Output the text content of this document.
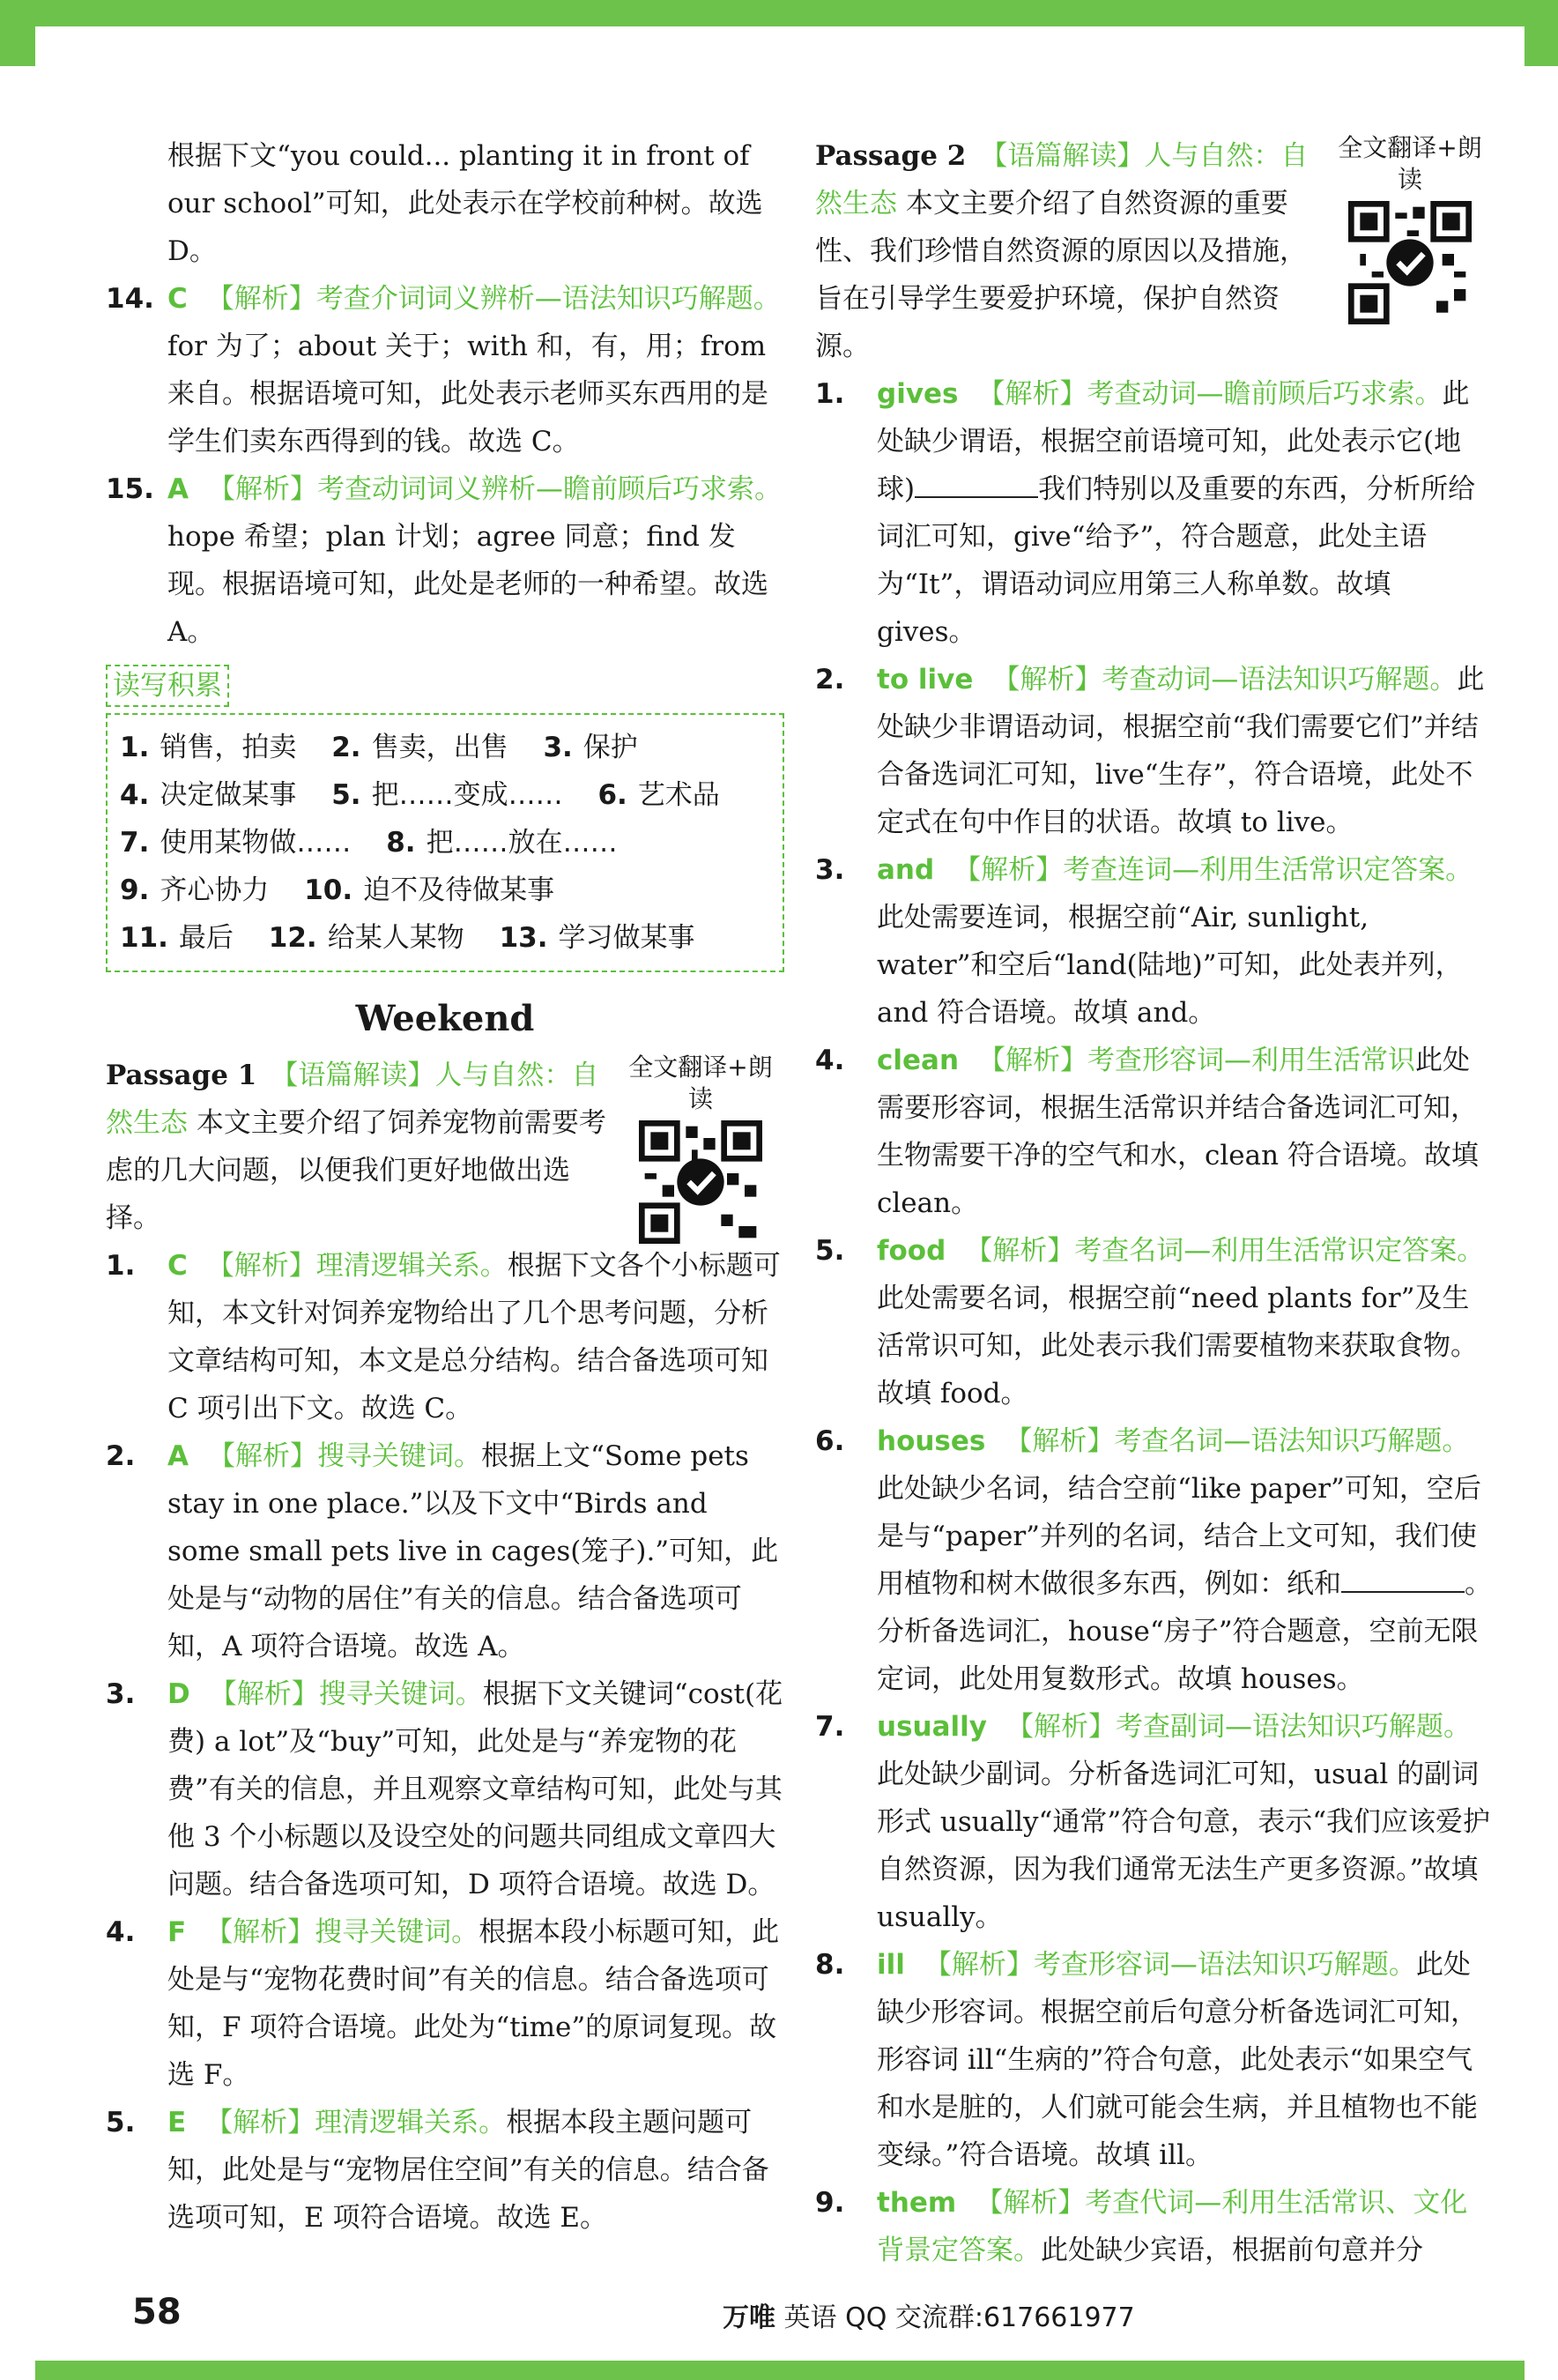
根据下文“you could... planting it in front of our school”可知，此处表示在学校前种树。故选 D。

14. C 【解析】考查介词词义辨析—语法知识巧解题。for 为了；about 关于；with 和，有，用；from 来自。根据语境可知，此处表示老师买东西用的是学生们卖东西得到的钱。故选 C。
15. A 【解析】考查动词词义辨析—瞻前顾后巧求索。hope 希望；plan 计划；agree 同意；find 发现。根据语境可知，此处是老师的一种希望。故选 A。
读写积累
1. 销售，拍卖 2. 售卖，出售 3. 保护
4. 决定做某事 5. 把……变成…… 6. 艺术品
7. 使用某物做…… 8. 把……放在……
9. 齐心协力 10. 迫不及待做某事
11. 最后 12. 给某人某物 13. 学习做某事
Weekend
Passage 1 【语篇解读】人与自然：自然生态 本文主要介绍了饲养宠物前需要考虑的几大问题，以便我们更好地做出选择。
全文翻译+朗读
1. C 【解析】理清逻辑关系。根据下文各个小标题可知，本文针对饲养宠物给出了几个思考问题，分析文章结构可知，本文是总分结构。结合备选项可知 C 项引出下文。故选 C。
2. A 【解析】搜寻关键词。根据上文“Some pets stay in one place.”以及下文中“Birds and some small pets live in cages(笼子).”可知，此处是与“动物的居住”有关的信息。结合备选项可知，A 项符合语境。故选 A。
3. D 【解析】搜寻关键词。根据下文关键词“cost(花费) a lot”及“buy”可知，此处是与“养宠物的花费”有关的信息，并且观察文章结构可知，此处与其他 3 个小标题以及设空处的问题共同组成文章四大问题。结合备选项可知，D 项符合语境。故选 D。
4. F 【解析】搜寻关键词。根据本段小标题可知，此处是与“宠物花费时间”有关的信息。结合备选项可知，F 项符合语境。此处为“time”的原词复现。故选 F。
5. E 【解析】理清逻辑关系。根据本段主题问题可知，此处是与“宠物居住空间”有关的信息。结合备选项可知，E 项符合语境。故选 E。
Passage 2 【语篇解读】人与自然：自然生态 本文主要介绍了自然资源的重要性、我们珍惜自然资源的原因以及措施，旨在引导学生要爱护环境，保护自然资源。
全文翻译+朗读
1. gives 【解析】考查动词—瞻前顾后巧求索。此处缺少谓语，根据空前语境可知，此处表示它(地球)	我们特别以及重要的东西，分析所给词汇可知，give“给予”，符合题意，此处主语为“It”，谓语动词应用第三人称单数。故填 gives。
2. to live 【解析】考查动词—语法知识巧解题。此处缺少非谓语动词，根据空前“我们需要它们”并结合备选词汇可知，live“生存”，符合语境，此处不定式在句中作目的状语。故填 to live。
3. and 【解析】考查连词—利用生活常识定答案。此处需要连词，根据空前“Air, sunlight, water”和空后“land(陆地)”可知，此处表并列，and 符合语境。故填 and。
4. clean 【解析】考查形容词—利用生活常识此处需要形容词，根据生活常识并结合备选词汇可知，生物需要干净的空气和水，clean 符合语境。故填 clean。
5. food 【解析】考查名词—利用生活常识定答案。此处需要名词，根据空前“need plants for”及生活常识可知，此处表示我们需要植物来获取食物。故填 food。
6. houses 【解析】考查名词—语法知识巧解题。此处缺少名词，结合空前“like paper”可知，空后是与“paper”并列的名词，结合上文可知，我们使用植物和树木做很多东西，例如：纸和	。分析备选词汇，house“房子”符合题意，空前无限定词，此处用复数形式。故填 houses。
7. usually 【解析】考查副词—语法知识巧解题。此处缺少副词。分析备选词汇可知，usual 的副词形式 usually“通常”符合句意，表示“我们应该爱护自然资源，因为我们通常无法生产更多资源。”故填 usually。
8. ill 【解析】考查形容词—语法知识巧解题。此处缺少形容词。根据空前后句意分析备选词汇可知，形容词 ill“生病的”符合句意，此处表示“如果空气和水是脏的，人们就可能会生病，并且植物也不能变绿。”符合语境。故填 ill。
9. them 【解析】考查代词—利用生活常识、文化背景定答案。此处缺少宾语，根据前句意并分
58	万唯 英语 QQ 交流群:617661977
